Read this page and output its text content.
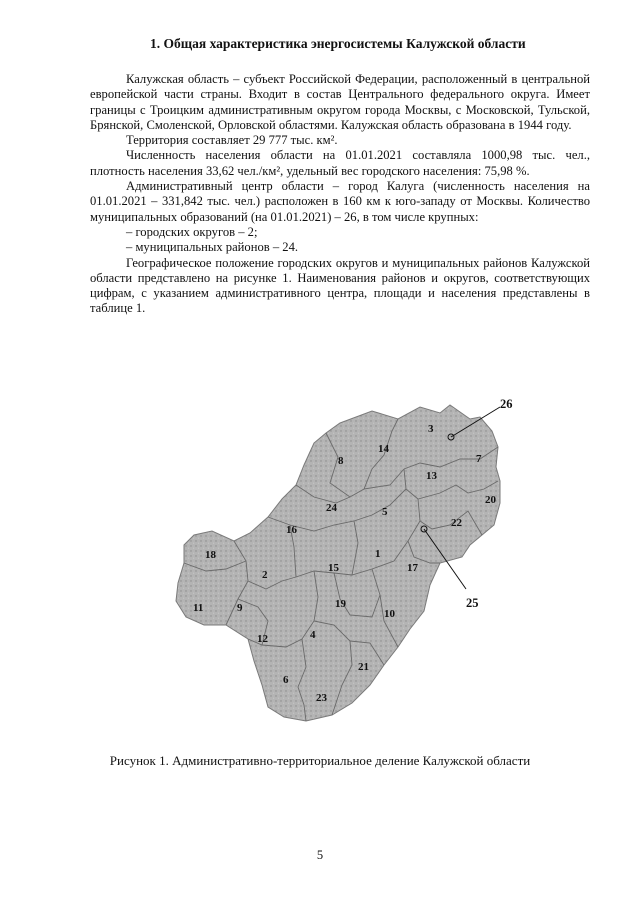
1. Общая характеристика энергосистемы Калужской области

Калужская область – субъект Российской Федерации, расположенный в центральной европейской части страны. Входит в состав Центрального федерального округа. Имеет границы с Троицким административным округом города Москвы, с Московской, Тульской, Брянской, Смоленской, Орловской областями. Калужская область образована в 1944 году.

Территория составляет 29 777 тыс. км².

Численность населения области на 01.01.2021 составляла 1000,98 тыс. чел., плотность населения 33,62 чел./км², удельный вес городского населения: 75,98 %.

Административный центр области – город Калуга (численность населения на 01.01.2021 – 331,842 тыс. чел.) расположен в 160 км к юго-западу от Москвы. Количество муниципальных образований (на 01.01.2021) – 26, в том числе крупных:

– городских округов – 2;

– муниципальных районов – 24.

Географическое положение городских округов и муниципальных районов Калужской области представлено на рисунке 1. Наименования районов и округов, соответствующих цифрам, с указанием административного центра, площади и населения представлены в таблице 1.

1
2
3
4
5
6
7
8
9	10
11
12
13
14
15
16
17
18
19
20
21
22
23
24
25
26
Рисунок 1. Административно-территориальное деление Калужской области
5
